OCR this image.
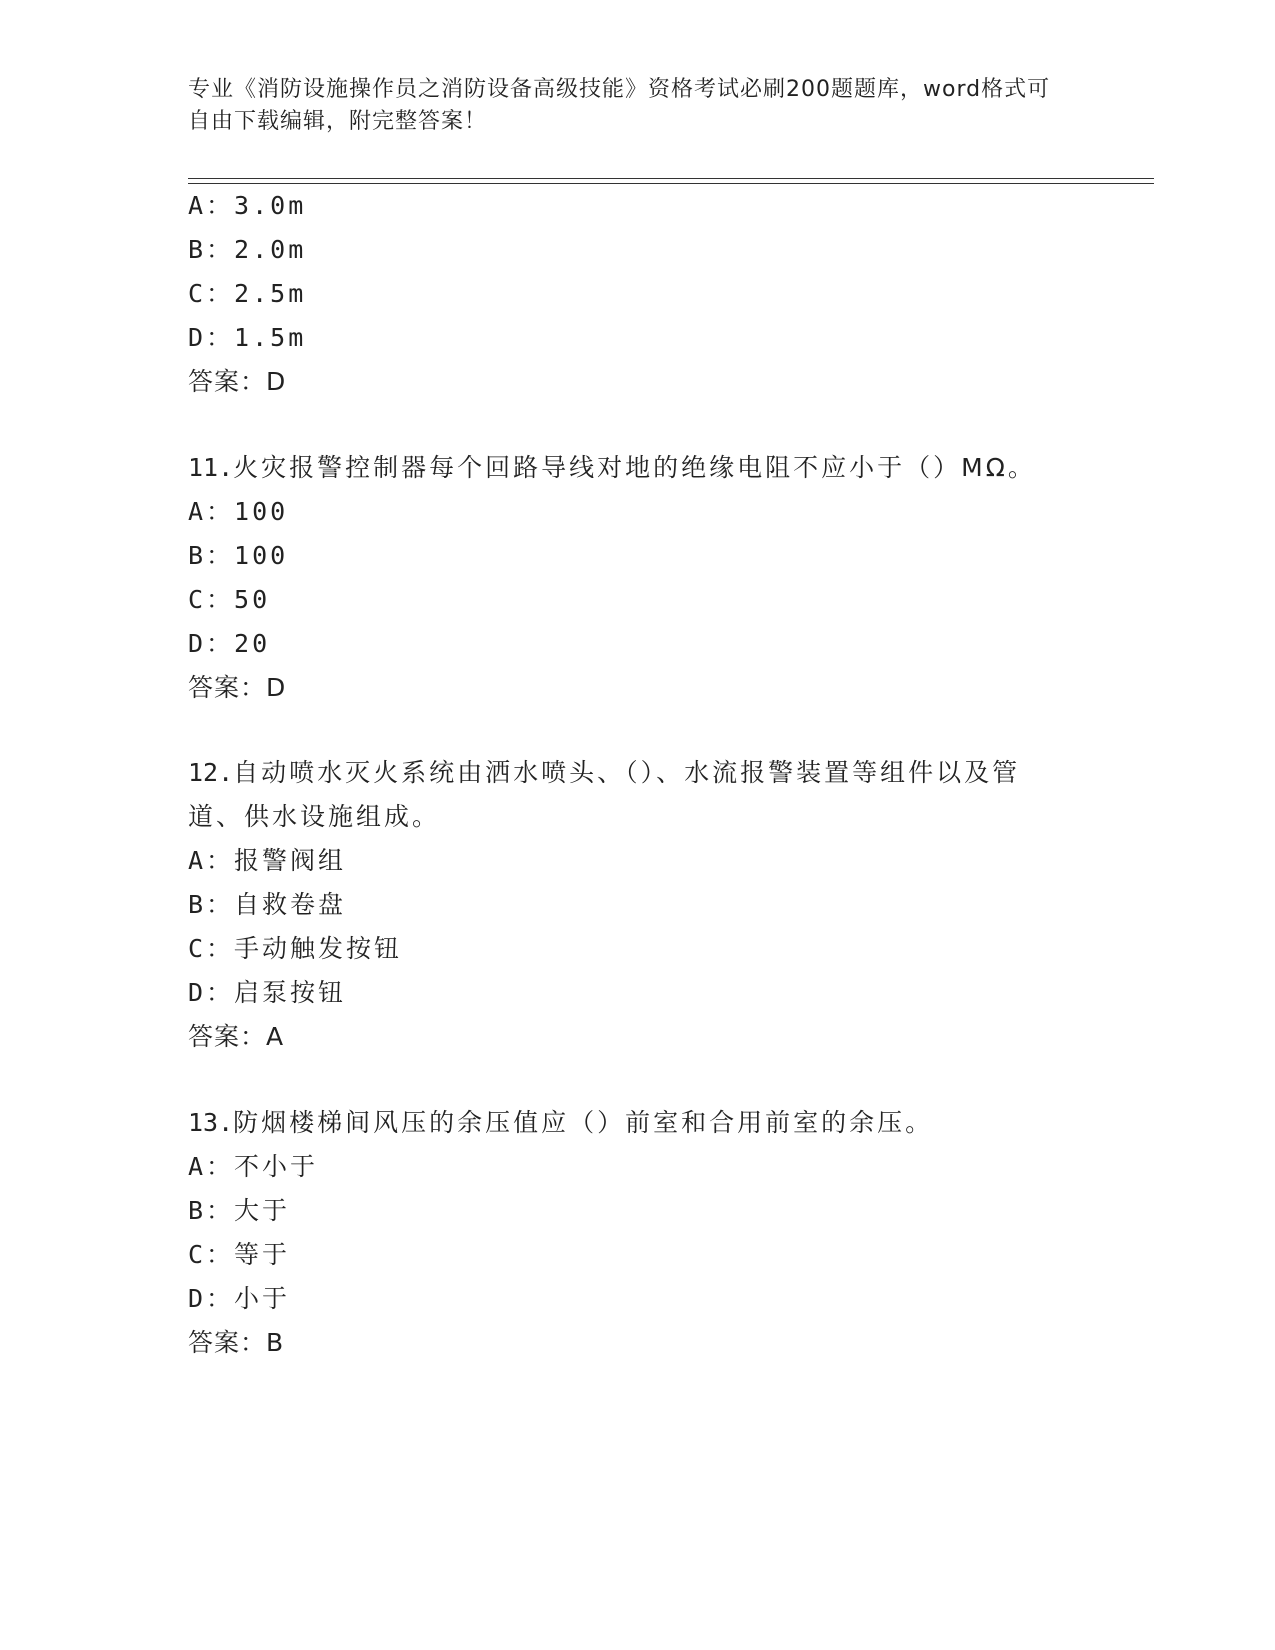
专业《消防设施操作员之消防设备高级技能》资格考试必刷200题题库，word格式可自由下载编辑，附完整答案！
A：3.0m
B：2.0m
C：2.5m
D：1.5m
答案：D
11.火灾报警控制器每个回路导线对地的绝缘电阻不应小于（）MΩ。
A：100
B：100
C：50
D：20
答案：D
12.自动喷水灭火系统由洒水喷头、（）、水流报警装置等组件以及管
道、供水设施组成。
A：报警阀组
B：自救卷盘
C：手动触发按钮
D：启泵按钮
答案：A
13.防烟楼梯间风压的余压值应（）前室和合用前室的余压。
A：不小于
B：大于
C：等于
D：小于
答案：B
